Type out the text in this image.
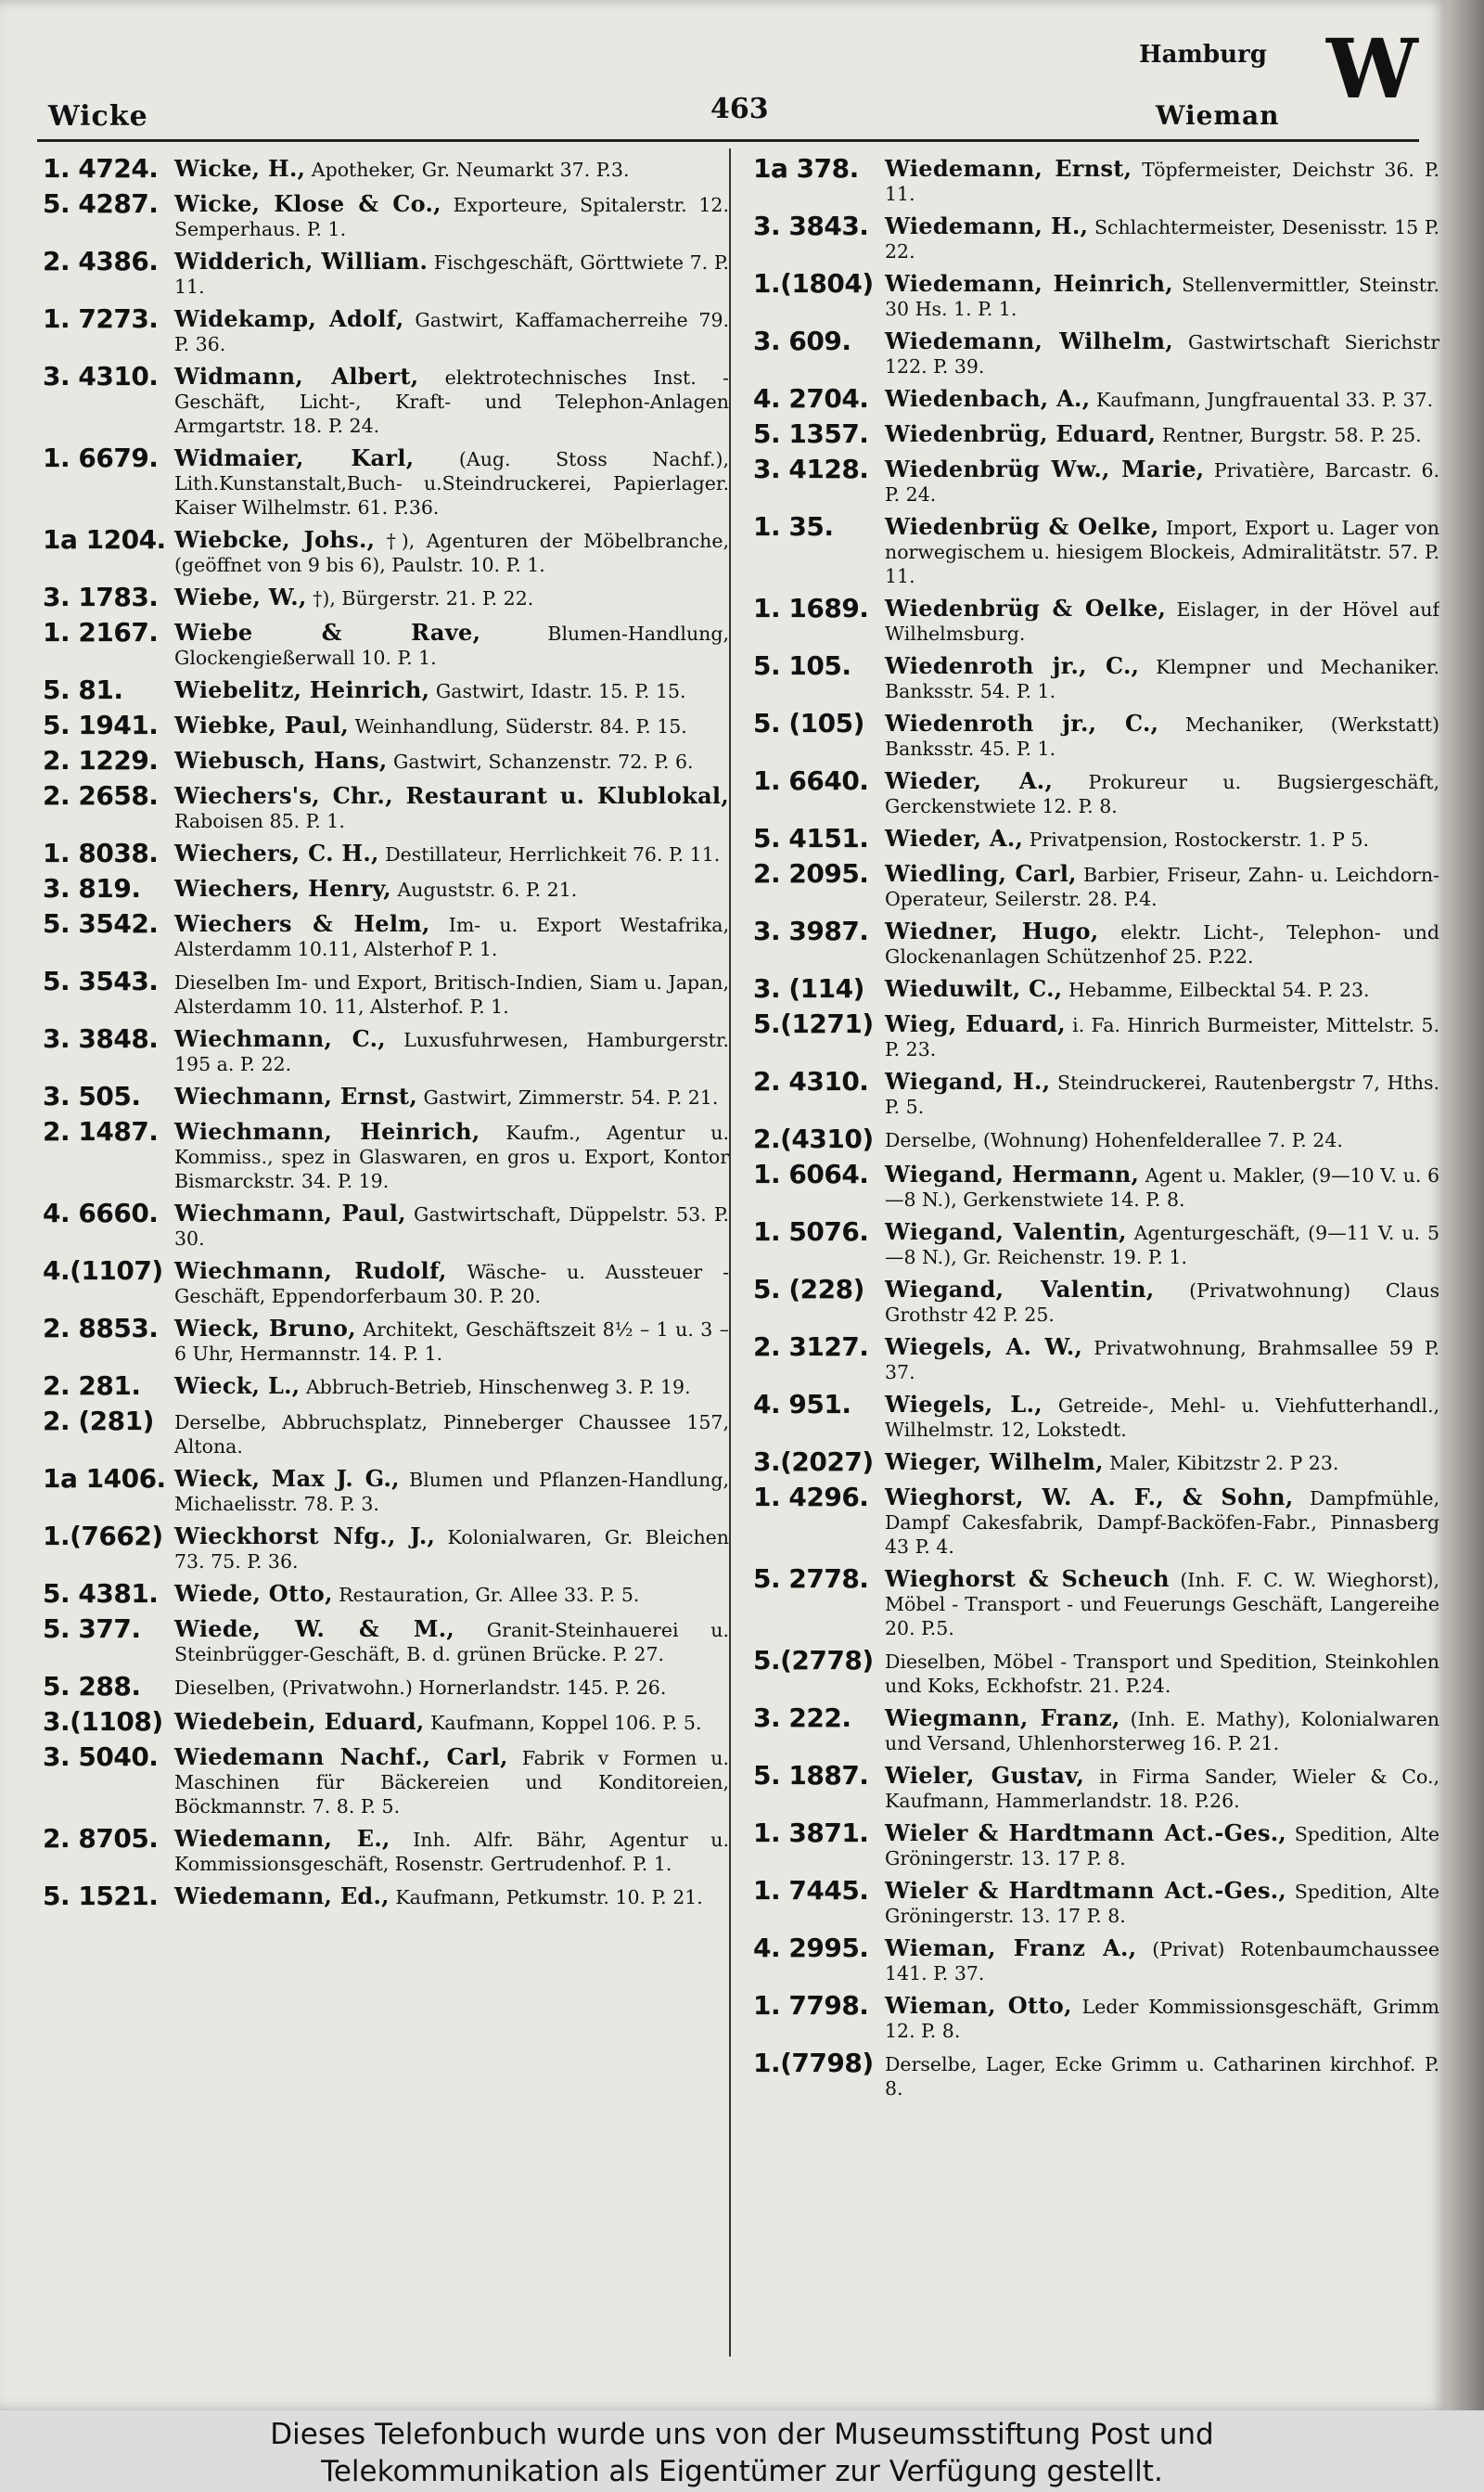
Wicke	463
Hamburg
Wieman W
1. 4724. Wicke, H., Apotheker, Gr. Neumarkt 37. P.3.
5. 4287. Wicke, Klose & Co., Exporteure, Spitalerstr. 12. Semperhaus. P. 1.
2. 4386. Widderich, William. Fischgeschäft, Görttwiete 7. P. 11.
1. 7273. Widekamp, Adolf, Gastwirt, Kaffamacherreihe 79. P. 36.
3. 4310. Widmann, Albert, elektrotechnisches Inst. - Geschäft, Licht-, Kraft- und Telephon-Anlagen Armgartstr. 18. P. 24.
1. 6679. Widmaier, Karl, (Aug. Stoss Nachf.), Lith.Kunstanstalt,Buch- u.Steindruckerei, Papierlager. Kaiser Wilhelmstr. 61. P.36.
1a 1204. Wiebcke, Johs., †), Agenturen der Möbelbranche, (geöffnet von 9 bis 6), Paulstr. 10. P. 1.
3. 1783. Wiebe, W., †), Bürgerstr. 21. P. 22.
1. 2167. Wiebe & Rave, Blumen-Handlung, Glockengießerwall 10. P. 1.
5. 81.	Wiebelitz, Heinrich, Gastwirt, Idastr. 15. P. 15.
5. 1941. Wiebke, Paul, Weinhandlung, Süderstr. 84. P. 15.
2. 1229. Wiebusch, Hans, Gastwirt, Schanzenstr. 72. P. 6.
2. 2658. Wiechers's, Chr., Restaurant u. Klublokal, Raboisen 85. P. 1.
1. 8038. Wiechers, C. H., Destillateur, Herrlichkeit 76. P. 11.
3. 819.	Wiechers, Henry, Auguststr. 6. P. 21.
5. 3542. Wiechers & Helm, Im- u. Export Westafrika, Alsterdamm 10.11, Alsterhof P. 1.
5. 3543. Dieselben Im- und Export, Britisch-Indien, Siam u. Japan, Alsterdamm 10. 11, Alsterhof. P. 1.
3. 3848. Wiechmann, C., Luxusfuhrwesen, Hamburgerstr. 195 a. P. 22.
3. 505.	Wiechmann, Ernst, Gastwirt, Zimmerstr. 54. P. 21.
2. 1487. Wiechmann, Heinrich, Kaufm., Agentur u. Kommiss., spez in Glaswaren, en gros u. Export, Kontor Bismarckstr. 34. P. 19.
4. 6660. Wiechmann, Paul, Gastwirtschaft, Düppelstr. 53. P. 30.
4.(1107) Wiechmann, Rudolf, Wäsche- u. Aussteuer - Geschäft, Eppendorferbaum 30. P. 20.
2. 8853. Wieck, Bruno, Architekt, Geschäftszeit 8½ – 1 u. 3 – 6 Uhr, Hermannstr. 14. P. 1.
2. 281.	Wieck, L., Abbruch-Betrieb, Hinschenweg 3. P. 19.
2. (281)	Derselbe, Abbruchsplatz, Pinneberger Chaussee 157, Altona.
1a 1406. Wieck, Max J. G., Blumen und Pflanzen-Handlung, Michaelisstr. 78. P. 3.
1.(7662) Wieckhorst Nfg., J., Kolonialwaren, Gr. Bleichen 73. 75. P. 36.
5. 4381. Wiede, Otto, Restauration, Gr. Allee 33. P. 5.
5. 377.	Wiede, W. & M., Granit-Steinhauerei u. Steinbrügger-Geschäft, B. d. grünen Brücke. P. 27.
5. 288.	Dieselben, (Privatwohn.) Hornerlandstr. 145. P. 26.
3.(1108) Wiedebein, Eduard, Kaufmann, Koppel 106. P. 5.
3. 5040. Wiedemann Nachf., Carl, Fabrik v Formen u. Maschinen für Bäckereien und Konditoreien, Böckmannstr. 7. 8. P. 5.
2. 8705. Wiedemann, E., Inh. Alfr. Bähr, Agentur u. Kommissionsgeschäft, Rosenstr. Gertrudenhof. P. 1.
5. 1521. Wiedemann, Ed., Kaufmann, Petkumstr. 10. P. 21.
1a 378.	Wiedemann, Ernst, Töpfermeister, Deichstr 36. P. 11.
3. 3843. Wiedemann, H., Schlachtermeister, Desenisstr. 15 P. 22.
1.(1804) Wiedemann, Heinrich, Stellenvermittler, Steinstr. 30 Hs. 1. P. 1.
3. 609.	Wiedemann, Wilhelm, Gastwirtschaft Sierichstr 122. P. 39.
4. 2704. Wiedenbach, A., Kaufmann, Jungfrauental 33. P. 37.
5. 1357. Wiedenbrüg, Eduard, Rentner, Burgstr. 58. P. 25.
3. 4128. Wiedenbrüg Ww., Marie, Privatière, Barcastr. 6. P. 24.
1. 35.	Wiedenbrüg & Oelke, Import, Export u. Lager von norwegischem u. hiesigem Blockeis, Admiralitätstr. 57. P. 11.
1. 1689. Wiedenbrüg & Oelke, Eislager, in der Hövel auf Wilhelmsburg.
5. 105.	Wiedenroth jr., C., Klempner und Mechaniker. Banksstr. 54. P. 1.
5. (105) Wiedenroth jr., C., Mechaniker, (Werkstatt) Banksstr. 45. P. 1.
1. 6640. Wieder, A., Prokureur u. Bugsiergeschäft, Gerckenstwiete 12. P. 8.
5. 4151. Wieder, A., Privatpension, Rostockerstr. 1. P 5.
2. 2095. Wiedling, Carl, Barbier, Friseur, Zahn- u. Leichdorn-Operateur, Seilerstr. 28. P.4.
3. 3987. Wiedner, Hugo, elektr. Licht-, Telephon- und Glockenanlagen Schützenhof 25. P.22.
3. (114) Wieduwilt, C., Hebamme, Eilbecktal 54. P. 23.
5.(1271) Wieg, Eduard, i. Fa. Hinrich Burmeister, Mittelstr. 5. P. 23.
2. 4310. Wiegand, H., Steindruckerei, Rautenbergstr 7, Hths. P. 5.
2.(4310) Derselbe, (Wohnung) Hohenfelderallee 7. P. 24.
1. 6064. Wiegand, Hermann, Agent u. Makler, (9—10 V. u. 6—8 N.), Gerkenstwiete 14. P. 8.
1. 5076. Wiegand, Valentin, Agenturgeschäft, (9—11 V. u. 5—8 N.), Gr. Reichenstr. 19. P. 1.
5. (228) Wiegand, Valentin, (Privatwohnung) Claus Grothstr 42 P. 25.
2. 3127. Wiegels, A. W., Privatwohnung, Brahmsallee 59 P. 37.
4. 951.	Wiegels, L., Getreide-, Mehl- u. Viehfutterhandl., Wilhelmstr. 12, Lokstedt.
3.(2027) Wieger, Wilhelm, Maler, Kibitzstr 2. P 23.
1. 4296. Wieghorst, W. A. F., & Sohn, Dampfmühle, Dampf Cakesfabrik, Dampf-Backöfen-Fabr., Pinnasberg 43 P. 4.
5. 2778. Wieghorst & Scheuch (Inh. F. C. W. Wieghorst), Möbel - Transport - und Feuerungs Geschäft, Langereihe 20. P.5.
5.(2778) Dieselben, Möbel - Transport und Spedition, Steinkohlen und Koks, Eckhofstr. 21. P.24.
3. 222.	Wiegmann, Franz, (Inh. E. Mathy), Kolonialwaren und Versand, Uhlenhorsterweg 16. P. 21.
5. 1887. Wieler, Gustav, in Firma Sander, Wieler & Co., Kaufmann, Hammerlandstr. 18. P.26.
1. 3871. Wieler & Hardtmann Act.-Ges., Spedition, Alte Gröningerstr. 13. 17 P. 8.
1. 7445. Wieler & Hardtmann Act.-Ges., Spedition, Alte Gröningerstr. 13. 17 P. 8.
4. 2995. Wieman, Franz A., (Privat) Rotenbaumchaussee 141. P. 37.
1. 7798. Wieman, Otto, Leder Kommissionsgeschäft, Grimm 12. P. 8.
1.(7798) Derselbe, Lager, Ecke Grimm u. Catharinen kirchhof. P. 8.
Dieses Telefonbuch wurde uns von der Museumsstiftung Post und
Telekommunikation als Eigentümer zur Verfügung gestellt.
